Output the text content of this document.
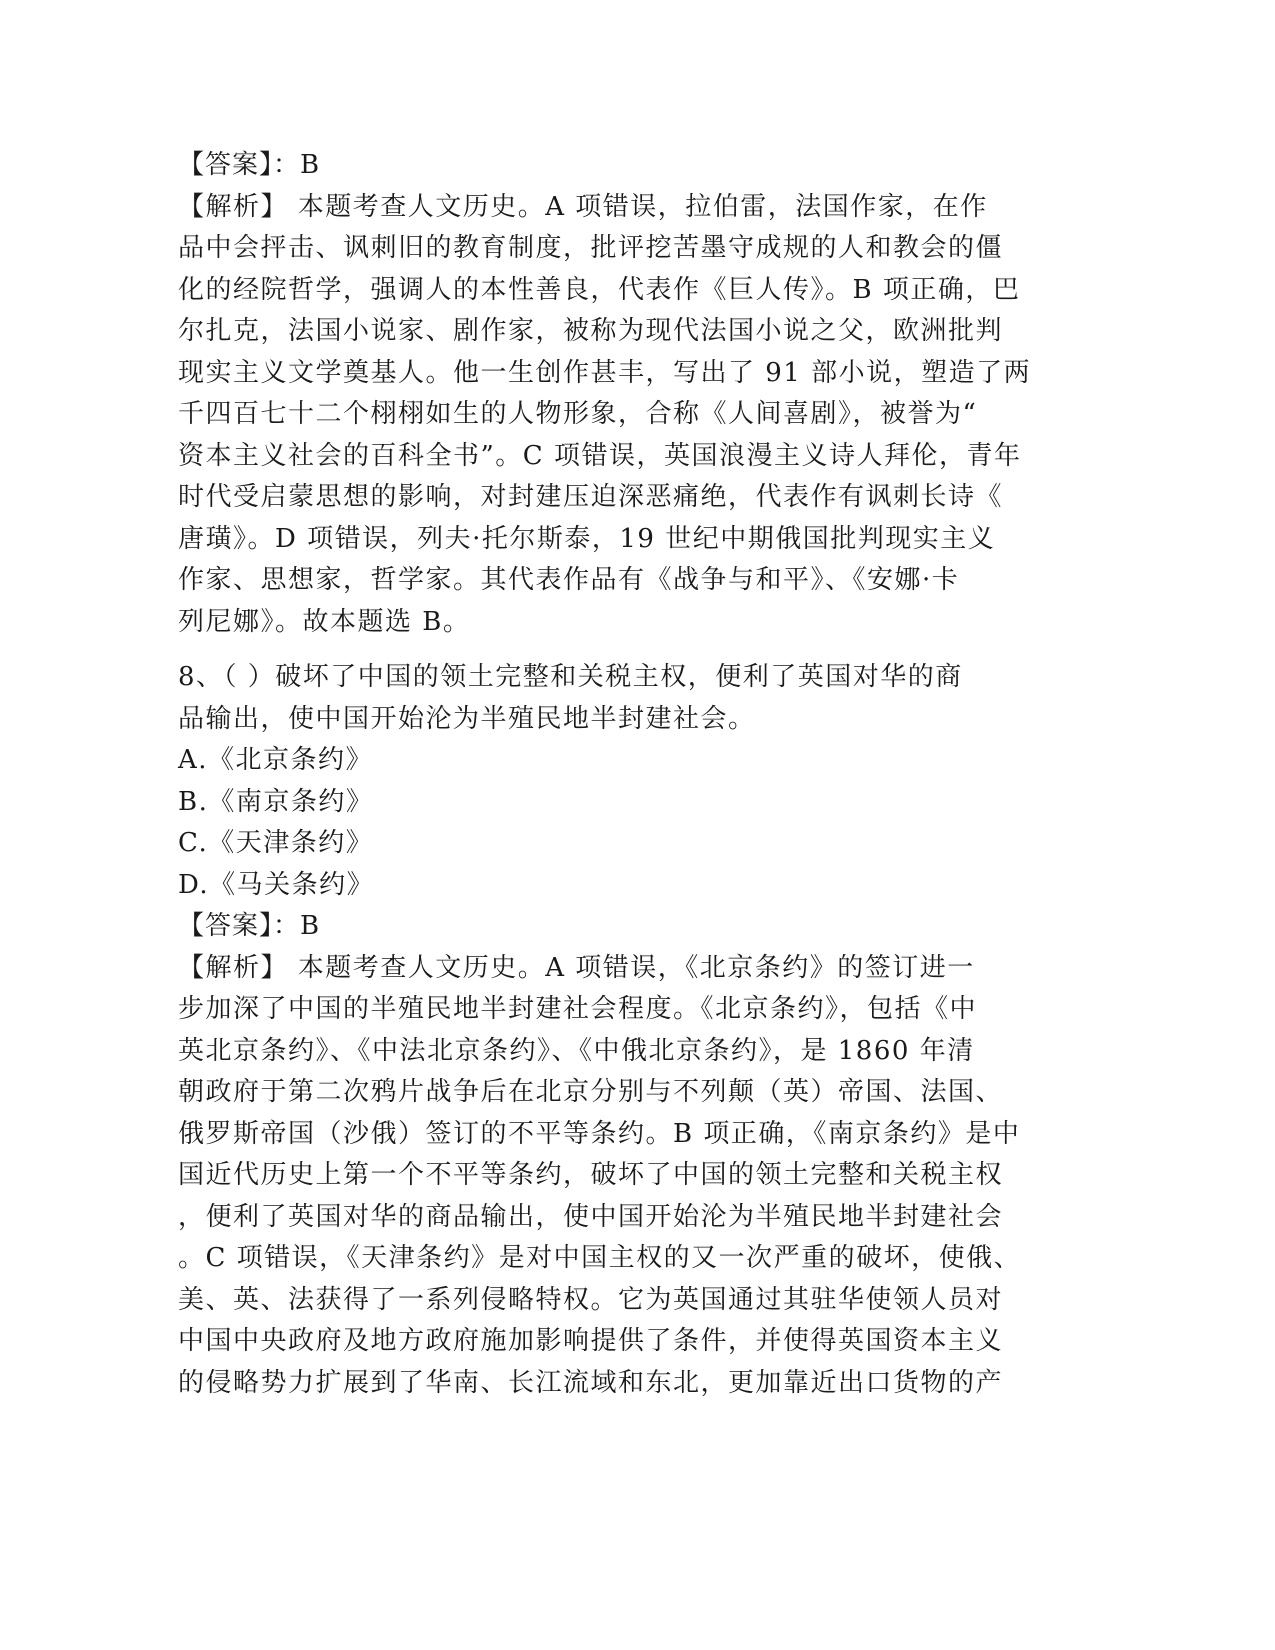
【答案】：B
【解析】 本题考查人文历史。A 项错误，拉伯雷，法国作家，在作
品中会抨击、讽刺旧的教育制度，批评挖苦墨守成规的人和教会的僵
化的经院哲学，强调人的本性善良，代表作《巨人传》。B 项正确，巴
尔扎克，法国小说家、剧作家，被称为现代法国小说之父，欧洲批判
现实主义文学奠基人。他一生创作甚丰，写出了 91 部小说，塑造了两
千四百七十二个栩栩如生的人物形象，合称《人间喜剧》，被誉为“
资本主义社会的百科全书”。C 项错误，英国浪漫主义诗人拜伦，青年
时代受启蒙思想的影响，对封建压迫深恶痛绝，代表作有讽刺长诗《
唐璜》。D 项错误，列夫·托尔斯泰，19 世纪中期俄国批判现实主义
作家、思想家，哲学家。其代表作品有《战争与和平》、《安娜·卡
列尼娜》。故本题选 B。
8、（ ）破坏了中国的领土完整和关税主权，便利了英国对华的商
品输出，使中国开始沦为半殖民地半封建社会。
A.《北京条约》
B.《南京条约》
C.《天津条约》
D.《马关条约》
【答案】：B
【解析】 本题考查人文历史。A 项错误，《北京条约》的签订进一
步加深了中国的半殖民地半封建社会程度。《北京条约》，包括《中
英北京条约》、《中法北京条约》、《中俄北京条约》，是 1860 年清
朝政府于第二次鸦片战争后在北京分别与不列颠（英）帝国、法国、
俄罗斯帝国（沙俄）签订的不平等条约。B 项正确，《南京条约》是中
国近代历史上第一个不平等条约，破坏了中国的领土完整和关税主权
，便利了英国对华的商品输出，使中国开始沦为半殖民地半封建社会
。C 项错误，《天津条约》是对中国主权的又一次严重的破坏，使俄、
美、英、法获得了一系列侵略特权。它为英国通过其驻华使领人员对
中国中央政府及地方政府施加影响提供了条件，并使得英国资本主义
的侵略势力扩展到了华南、长江流域和东北，更加靠近出口货物的产
